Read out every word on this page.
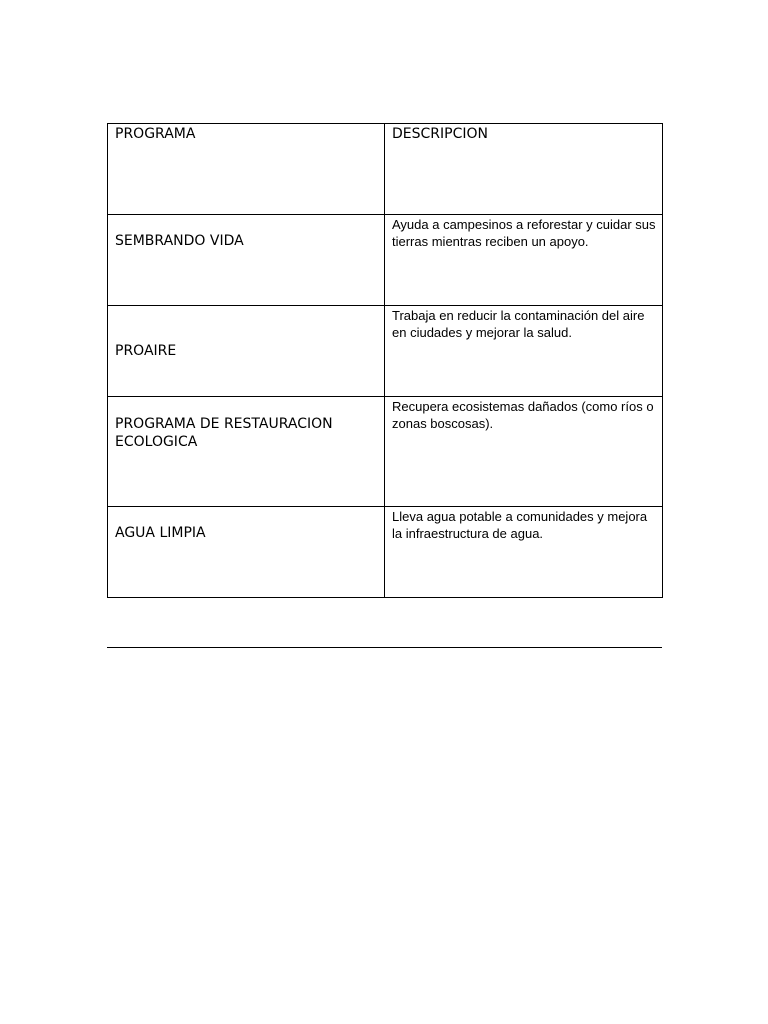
PROGRAMA	DESCRIPCION

SEMBRANDO VIDA	Ayuda a campesinos a reforestar y cuidar sus tierras mientras reciben un apoyo.

PROAIRE	Trabaja en reducir la contaminación del aire en ciudades y mejorar la salud.

PROGRAMA DE RESTAURACION ECOLOGICA	Recupera ecosistemas dañados (como ríos o zonas boscosas).

AGUA LIMPIA	Lleva agua potable a comunidades y mejora la infraestructura de agua.
